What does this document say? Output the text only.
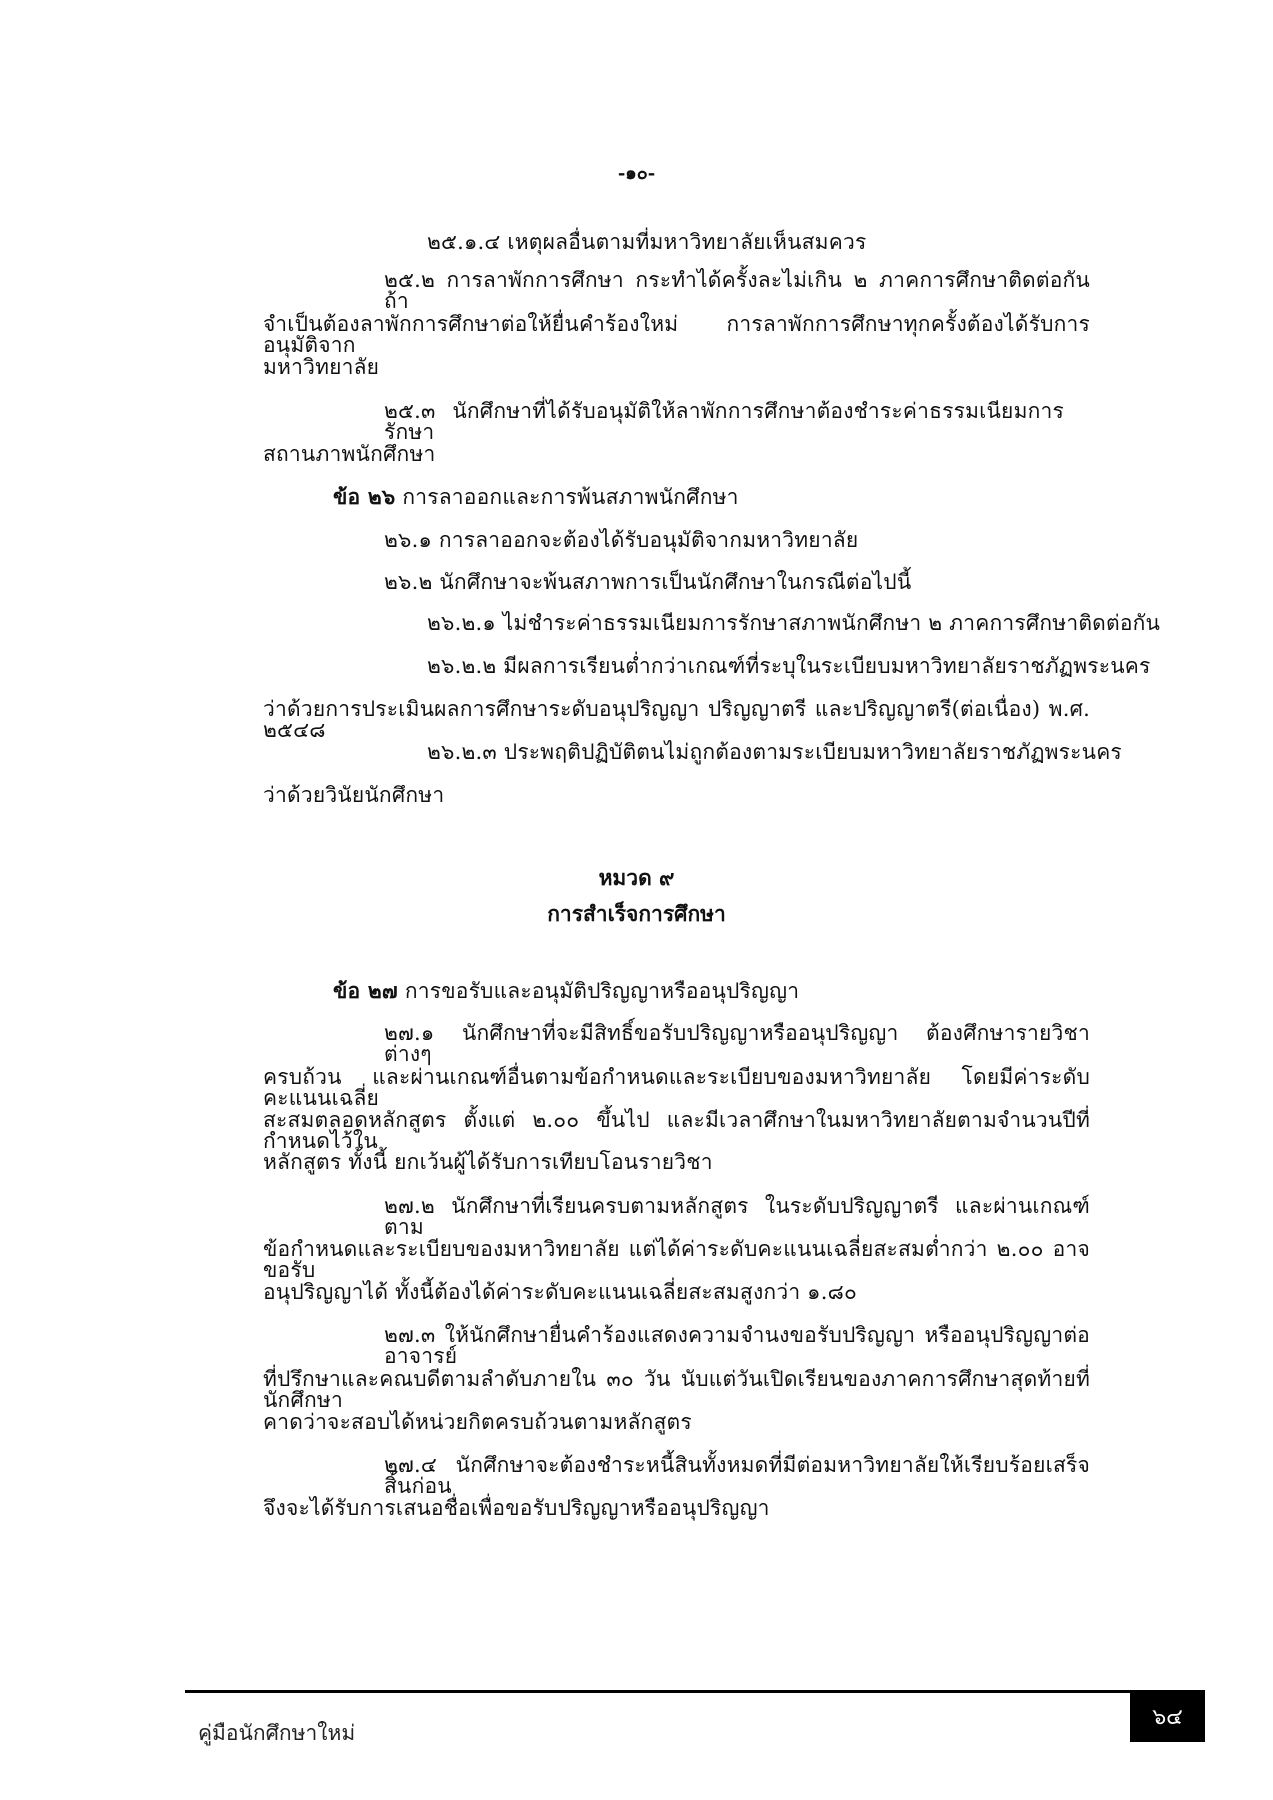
-๑๐-
๒๕.๑.๔ เหตุผลอื่นตามที่มหาวิทยาลัยเห็นสมควร
๒๕.๒ การลาพักการศึกษา กระทำได้ครั้งละไม่เกิน ๒ ภาคการศึกษาติดต่อกัน ถ้า
จำเป็นต้องลาพักการศึกษาต่อให้ยื่นคำร้องใหม่ การลาพักการศึกษาทุกครั้งต้องได้รับการอนุมัติจาก
มหาวิทยาลัย
๒๕.๓ นักศึกษาที่ได้รับอนุมัติให้ลาพักการศึกษาต้องชำระค่าธรรมเนียมการรักษา
สถานภาพนักศึกษา
ข้อ ๒๖ การลาออกและการพ้นสภาพนักศึกษา
๒๖.๑ การลาออกจะต้องได้รับอนุมัติจากมหาวิทยาลัย
๒๖.๒ นักศึกษาจะพ้นสภาพการเป็นนักศึกษาในกรณีต่อไปนี้
๒๖.๒.๑ ไม่ชำระค่าธรรมเนียมการรักษาสภาพนักศึกษา ๒ ภาคการศึกษาติดต่อกัน
๒๖.๒.๒ มีผลการเรียนต่ำกว่าเกณฑ์ที่ระบุในระเบียบมหาวิทยาลัยราชภัฏพระนคร
ว่าด้วยการประเมินผลการศึกษาระดับอนุปริญญา ปริญญาตรี และปริญญาตรี(ต่อเนื่อง) พ.ศ. ๒๕๔๘
๒๖.๒.๓ ประพฤติปฏิบัติตนไม่ถูกต้องตามระเบียบมหาวิทยาลัยราชภัฏพระนคร
ว่าด้วยวินัยนักศึกษา
หมวด ๙
การสำเร็จการศึกษา
ข้อ ๒๗ การขอรับและอนุมัติปริญญาหรืออนุปริญญา
๒๗.๑ นักศึกษาที่จะมีสิทธิ์ขอรับปริญญาหรืออนุปริญญา ต้องศึกษารายวิชาต่างๆ
ครบถ้วน และผ่านเกณฑ์อื่นตามข้อกำหนดและระเบียบของมหาวิทยาลัย โดยมีค่าระดับคะแนนเฉลี่ย
สะสมตลอดหลักสูตร ตั้งแต่ ๒.๐๐ ขึ้นไป และมีเวลาศึกษาในมหาวิทยาลัยตามจำนวนปีที่กำหนดไว้ใน
หลักสูตร ทั้งนี้ ยกเว้นผู้ได้รับการเทียบโอนรายวิชา
๒๗.๒ นักศึกษาที่เรียนครบตามหลักสูตร ในระดับปริญญาตรี และผ่านเกณฑ์ตาม
ข้อกำหนดและระเบียบของมหาวิทยาลัย แต่ได้ค่าระดับคะแนนเฉลี่ยสะสมต่ำกว่า ๒.๐๐ อาจขอรับ
อนุปริญญาได้ ทั้งนี้ต้องได้ค่าระดับคะแนนเฉลี่ยสะสมสูงกว่า ๑.๘๐
๒๗.๓ ให้นักศึกษายื่นคำร้องแสดงความจำนงขอรับปริญญา หรืออนุปริญญาต่ออาจารย์
ที่ปรึกษาและคณบดีตามลำดับภายใน ๓๐ วัน นับแต่วันเปิดเรียนของภาคการศึกษาสุดท้ายที่นักศึกษา
คาดว่าจะสอบได้หน่วยกิตครบถ้วนตามหลักสูตร
๒๗.๔ นักศึกษาจะต้องชำระหนี้สินทั้งหมดที่มีต่อมหาวิทยาลัยให้เรียบร้อยเสร็จสิ้นก่อน
จึงจะได้รับการเสนอชื่อเพื่อขอรับปริญญาหรืออนุปริญญา
คู่มือนักศึกษาใหม่
๖๔
